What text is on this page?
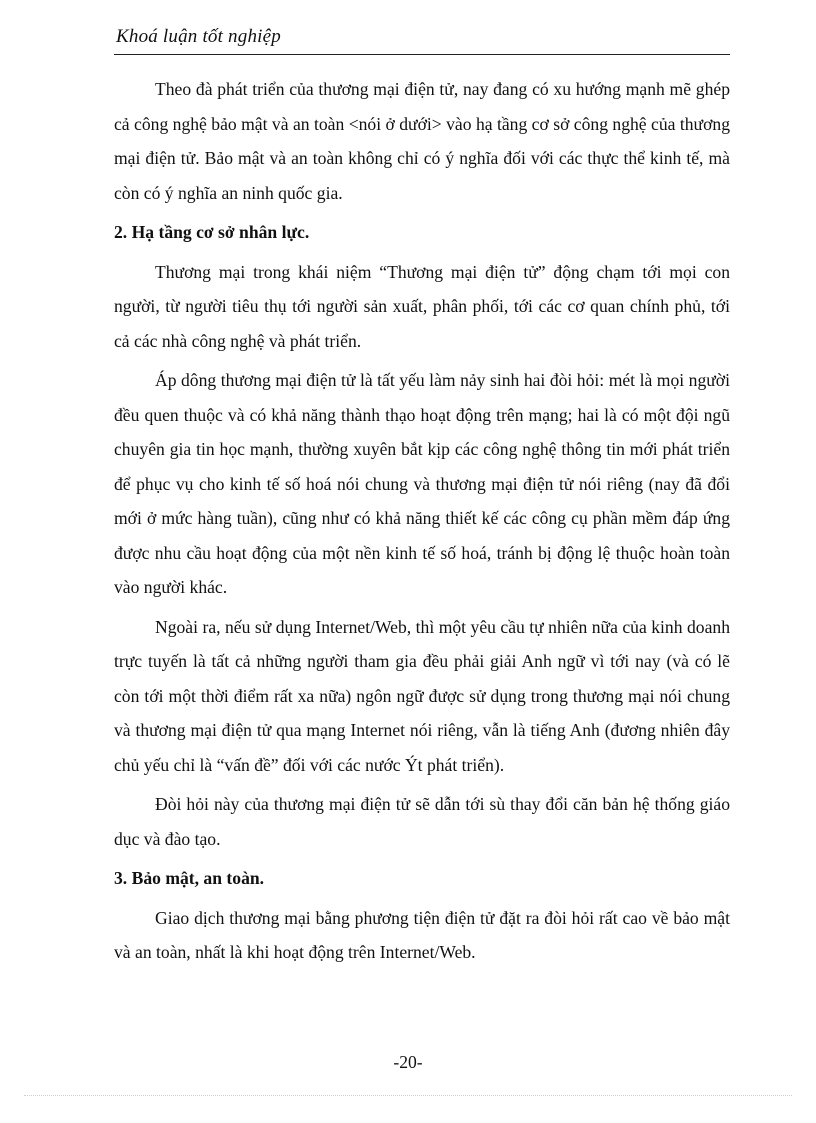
Khoá luận tốt nghiệp

Theo đà phát triển của thương mại điện tử, nay đang có xu hướng mạnh mẽ ghép cả công nghệ bảo mật và an toàn <nói ở dưới> vào hạ tầng cơ sở công nghệ của thương mại điện tử. Bảo mật và an toàn không chỉ có ý nghĩa đối với các thực thể kinh tế, mà còn có ý nghĩa an ninh quốc gia.

2. Hạ tầng cơ sở nhân lực.

Thương mại trong khái niệm “Thương mại điện tử” động chạm tới mọi con người, từ người tiêu thụ tới người sản xuất, phân phối, tới các cơ quan chính phủ, tới cả các nhà công nghệ và phát triển.

Áp dông thương mại điện tử là tất yếu làm nảy sinh hai đòi hỏi: mét là mọi người đều quen thuộc và có khả năng thành thạo hoạt động trên mạng; hai là có một đội ngũ chuyên gia tin học mạnh, thường xuyên bắt kịp các công nghệ thông tin mới phát triển để phục vụ cho kinh tế số hoá nói chung và thương mại điện tử nói riêng (nay đã đổi mới ở mức hàng tuần), cũng như có khả năng thiết kế các công cụ phần mềm đáp ứng được nhu cầu hoạt động của một nền kinh tế số hoá, tránh bị động lệ thuộc hoàn toàn vào người khác.

Ngoài ra, nếu sử dụng Internet/Web, thì một yêu cầu tự nhiên nữa của kinh doanh trực tuyến là tất cả những người tham gia đều phải giải Anh ngữ vì tới nay (và có lẽ còn tới một thời điểm rất xa nữa) ngôn ngữ được sử dụng trong thương mại nói chung và thương mại điện tử qua mạng Internet nói riêng, vẫn là tiếng Anh (đương nhiên đây chủ yếu chỉ là “vấn đề” đối với các nước Ýt phát triển).

Đòi hỏi này của thương mại điện tử sẽ dẫn tới sù thay đổi căn bản hệ thống giáo dục và đào tạo.

3. Bảo mật, an toàn.

Giao dịch thương mại bằng phương tiện điện tử đặt ra đòi hỏi rất cao về bảo mật và an toàn, nhất là khi hoạt động trên Internet/Web.

-20-
